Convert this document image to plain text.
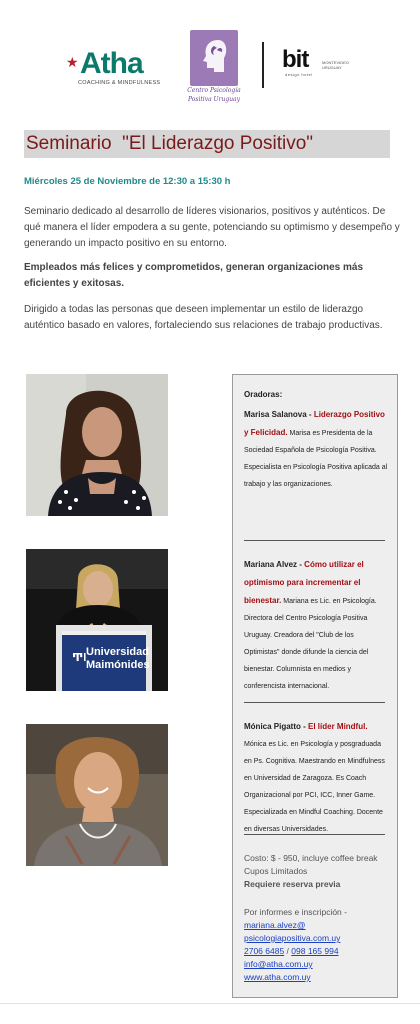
★ Atha
COACHING & MINDFULNESS
Centro Psicología
Positiva Uruguay
bit
design hotel
MONTEVIDEO URUGUAY
Seminario "El Liderazgo Positivo"
Miércoles 25 de Noviembre de 12:30 a 15:30 h
Seminario dedicado al desarrollo de líderes visionarios, positivos y auténticos. De qué manera el líder empodera a su gente, potenciando su optimismo y desempeño y generando un impacto positivo en su entorno.
Empleados más felices y comprometidos, generan organizaciones más eficientes y exitosas.
Dirigido a todas las personas que deseen implementar un estilo de liderazgo auténtico basado en valores, fortaleciendo sus relaciones de trabajo productivas.
Universidad
Maimónides
Ͳl
Oradoras:
Marisa Salanova - Liderazgo Positivo y Felicidad. Marisa es Presidenta de la Sociedad Española de Psicología Positiva. Especialista en Psicología Positiva aplicada al trabajo y las organizaciones.
Mariana Alvez - Cómo utilizar el optimismo para incrementar el bienestar. Mariana es Lic. en Psicología. Directora del Centro Psicología Positiva Uruguay. Creadora del "Club de los Optimistas" donde difunde la ciencia del bienestar. Columnista en medios y conferencista internacional.
Mónica Pigatto - El líder Mindful. Mónica es Lic. en Psicología y posgraduada en Ps. Cognitiva. Maestrando en Mindfulness en Universidad de Zaragoza. Es Coach Organizacional por PCI, ICC, Inner Game. Especializada en Mindful Coaching. Docente en diversas Universidades.
Costo: $ - 950, incluye coffee break
Cupos Limitados
Requiere reserva previa
Por informes e inscripción -
mariana.alvez@
psicologiapositiva.com.uy
2706 6485 / 098 165 994
info@atha.com.uy
www.atha.com.uy
